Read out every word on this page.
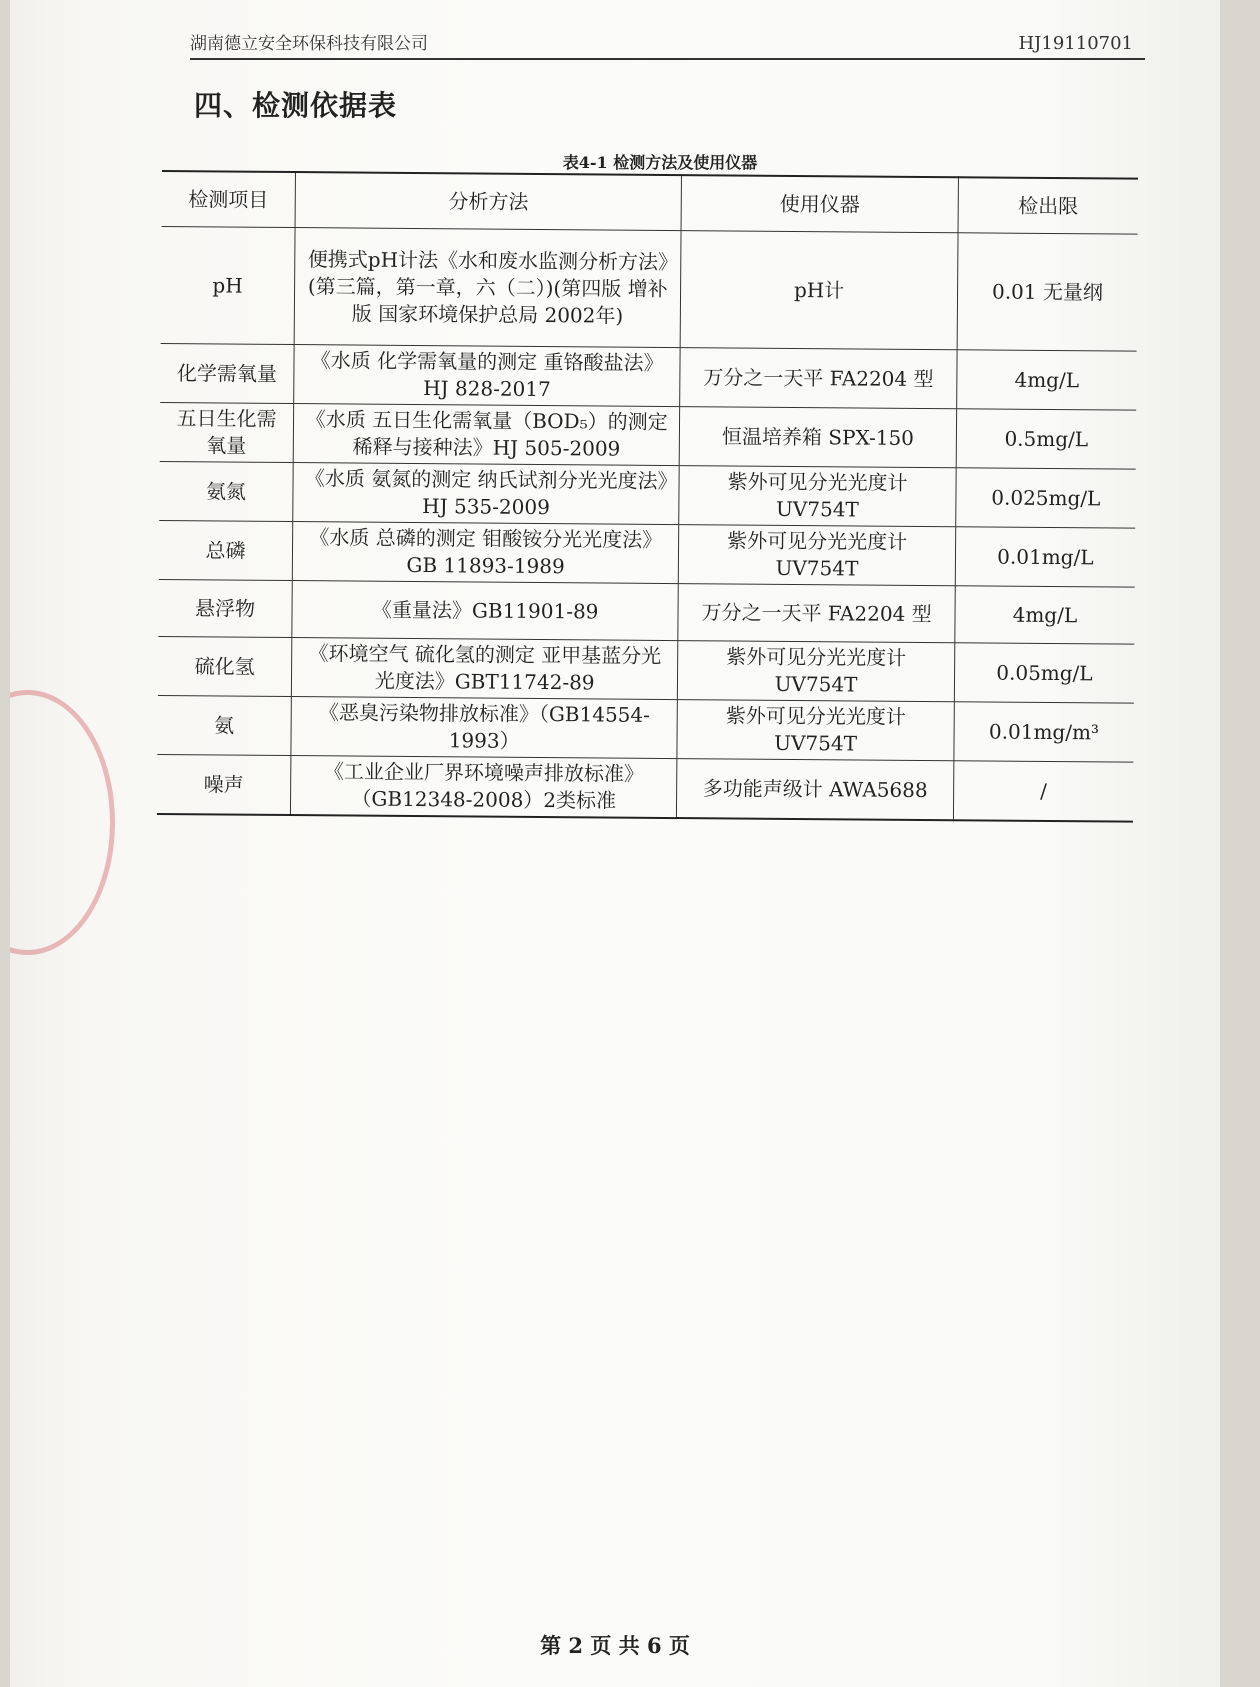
湖南德立安全环保科技有限公司	HJ19110701
四、检测依据表
表4-1 检测方法及使用仪器
检测项目	分析方法	使用仪器	检出限
pH	便携式pH计法《水和废水监测分析方法》(第三篇，第一章，六（二）)(第四版 增补版 国家环境保护总局 2002年)	pH计	0.01 无量纲
化学需氧量	《水质 化学需氧量的测定 重铬酸盐法》HJ 828-2017	万分之一天平 FA2204 型	4mg/L
五日生化需氧量	《水质 五日生化需氧量（BOD₅）的测定 稀释与接种法》HJ 505-2009	恒温培养箱 SPX-150	0.5mg/L
氨氮	《水质 氨氮的测定 纳氏试剂分光光度法》HJ 535-2009	紫外可见分光光度计 UV754T	0.025mg/L
总磷	《水质 总磷的测定 钼酸铵分光光度法》GB 11893-1989	紫外可见分光光度计 UV754T	0.01mg/L
悬浮物	《重量法》GB11901-89	万分之一天平 FA2204 型	4mg/L
硫化氢	《环境空气 硫化氢的测定 亚甲基蓝分光光度法》GBT11742-89	紫外可见分光光度计 UV754T	0.05mg/L
氨	《恶臭污染物排放标准》（GB14554-1993）	紫外可见分光光度计 UV754T	0.01mg/m³
噪声	《工业企业厂界环境噪声排放标准》（GB12348-2008）2类标准	多功能声级计 AWA5688	/
第 2 页 共 6 页
